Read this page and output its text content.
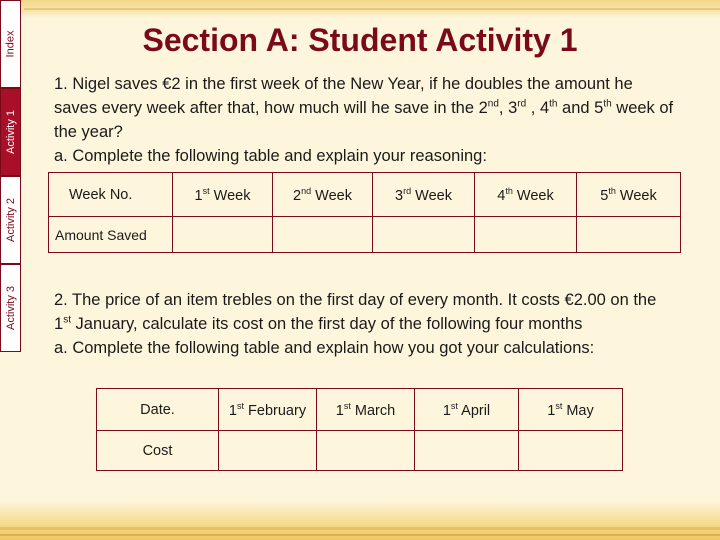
Index
Activity 1
Activity 2
Activity 3
Section A: Student Activity 1
1. Nigel saves €2 in the first week of the New Year, if he doubles the amount he saves every week after that, how much will he save in the 2nd, 3rd , 4th and 5th week of the year?
a. Complete the following table and explain your reasoning:
Week No.	1st Week	2nd Week	3rd Week	4th Week	5th Week
Amount Saved					
2. The price of an item trebles on the first day of every month. It costs €2.00 on the 1st January, calculate its cost on the first day of the following four months
a. Complete the following table and explain how you got your calculations:
Date.	1st February	1st March	1st April	1st May
Cost				
